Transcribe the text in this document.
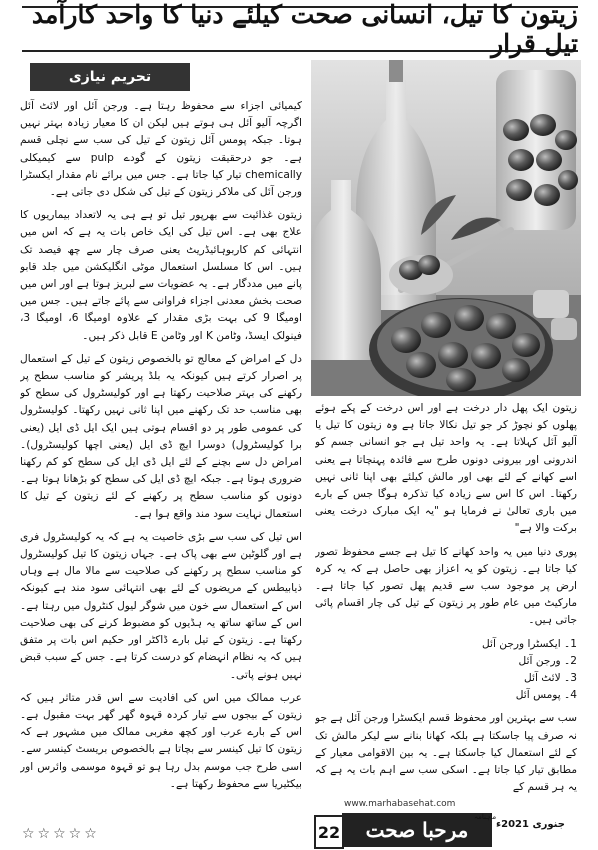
زیتون کا تیل، انسانی صحت کیلئے دنیا کا واحد کارآمد تیل قرار
تحریم نیازی

کیمیائی اجزاء سے محفوظ رہتا ہے۔ ورجن آئل اور لائٹ آئل اگرچہ آلیو آئل ہی ہوتے ہیں لیکن ان کا معیار زیادہ بہتر نہیں ہوتا۔ جبکہ پومس آئل زیتون کے تیل کی سب سے نچلی قسم ہے۔ جو درحقیقت زیتون کے گودے pulp سے کیمیکلی chemically تیار کیا جاتا ہے۔ جس میں برائے نام مقدار ایکسٹرا ورجن آئل کی ملاکر زیتون کے تیل کی شکل دی جاتی ہے۔

زیتون غذائیت سے بھرپور تیل تو ہے ہی یہ لاتعداد بیماریوں کا علاج بھی ہے۔ اس تیل کی ایک خاص بات یہ ہے کہ اس میں انتہائی کم کاربوہائیڈریٹ یعنی صرف چار سے چھ فیصد تک ہیں۔ اس کا مسلسل استعمال موٹی انگلیکشن میں جلد قابو پانے میں مددگار ہے۔ یہ عضویات سے لبریز ہوتا ہے اور اس میں صحت بخش معدنی اجزاء فراوانی سے پائے جاتے ہیں۔ جس میں اومیگا 9 کی بہت بڑی مقدار کے علاوہ اومیگا 6، اومیگا 3، فینولک ایسڈ، وٹامن K اور وٹامن E قابل ذکر ہیں۔

دل کے امراض کے معالج تو بالخصوص زیتون کے تیل کے استعمال پر اصرار کرتے ہیں کیونکہ یہ بلڈ پریشر کو مناسب سطح پر رکھنے کی بہتر صلاحیت رکھتا ہے اور کولیسٹرول کی سطح کو بھی مناسب حد تک رکھنے میں اپنا ثانی نہیں رکھتا۔ کولیسٹرول کی عمومی طور پر دو اقسام ہوتی ہیں ایک ایل ڈی ایل (یعنی برا کولیسٹرول) دوسرا ایچ ڈی ایل (یعنی اچھا کولیسٹرول)۔ امراض دل سے بچنے کے لئے ایل ڈی ایل کی سطح کو کم رکھنا ضروری ہوتا ہے۔ جبکہ ایچ ڈی ایل کی سطح کو بڑھانا ہوتا ہے۔ دونوں کو مناسب سطح پر رکھنے کے لئے زیتون کے تیل کا استعمال نہایت سود مند واقع ہوا ہے۔

اس تیل کی سب سے بڑی خاصیت یہ ہے کہ یہ کولیسٹرول فری ہے اور گلوٹین سے بھی پاک ہے۔ جہاں زیتون کا تیل کولیسٹرول کو مناسب سطح پر رکھنے کی صلاحیت سے مالا مال ہے وہاں ذیابیطس کے مریضوں کے لئے بھی انتہائی سود مند ہے کیونکہ اس کے استعمال سے خون میں شوگر لیول کنٹرول میں رہتا ہے۔ اس کے ساتھ ساتھ یہ ہڈیوں کو مضبوط کرنے کی بھی صلاحیت رکھتا ہے۔ زیتون کے تیل بارے ڈاکٹر اور حکیم اس بات پر متفق ہیں کہ یہ نظام انہضام کو درست کرتا ہے۔ جس کے سبب قبض نہیں ہونے پاتی۔

عرب ممالک میں اس کی افادیت سے اس قدر متاثر ہیں کہ زیتون کے بیجوں سے تیار کردہ قہوہ گھر گھر بہت مقبول ہے۔ اس کے بارے عرب اور کچھ مغربی ممالک میں مشہور ہے کہ زیتون کا تیل کینسر سے بچاتا ہے بالخصوص بریسٹ کینسر سے۔ اسی طرح جب موسم بدل رہا ہو تو قہوہ موسمی وائرس اور بیکٹیریا سے محفوظ رکھتا ہے۔

زیتون ایک پھل دار درخت ہے اور اس درخت کے پکے ہوئے پھلوں کو نچوڑ کر جو تیل نکالا جاتا ہے وہ زیتون کا تیل یا آلیو آئل کہلاتا ہے۔ یہ واحد تیل ہے جو انسانی جسم کو اندرونی اور بیرونی دونوں طرح سے فائدہ پہنچاتا ہے یعنی اسے کھانے کے لئے بھی اور مالش کیلئے بھی اپنا ثانی نہیں رکھتا۔ اس کا اس سے زیادہ کیا تذکرہ ہوگا جس کے بارے میں باری تعالیٰ نے فرمایا ہو "یہ ایک مبارک درخت یعنی برکت والا ہے"

پوری دنیا میں یہ واحد کھانے کا تیل ہے جسے محفوظ تصور کیا جاتا ہے۔ زیتون کو یہ اعزاز بھی حاصل ہے کہ یہ کرہ ارض پر موجود سب سے قدیم پھل تصور کیا جاتا ہے۔ مارکیٹ میں عام طور پر زیتون کے تیل کی چار اقسام پائی جاتی ہیں۔

1۔ ایکسٹرا ورجن آئل
2۔ ورجن آئل
3۔ لائٹ آئل
4۔ پومس آئل

سب سے بہترین اور محفوظ قسم ایکسٹرا ورجن آئل ہے جو نہ صرف پیا جاسکتا ہے بلکہ کھانا بنانے سے لیکر مالش تک کے لئے استعمال کیا جاسکتا ہے۔ یہ بین الاقوامی معیار کے مطابق تیار کیا جاتا ہے۔ اسکی سب سے اہم بات یہ ہے کہ یہ ہر قسم کے

☆☆☆☆☆
www.marhabasehat.com
22	مرحبا صحت
ماہنامہ
جنوری 2021ء
